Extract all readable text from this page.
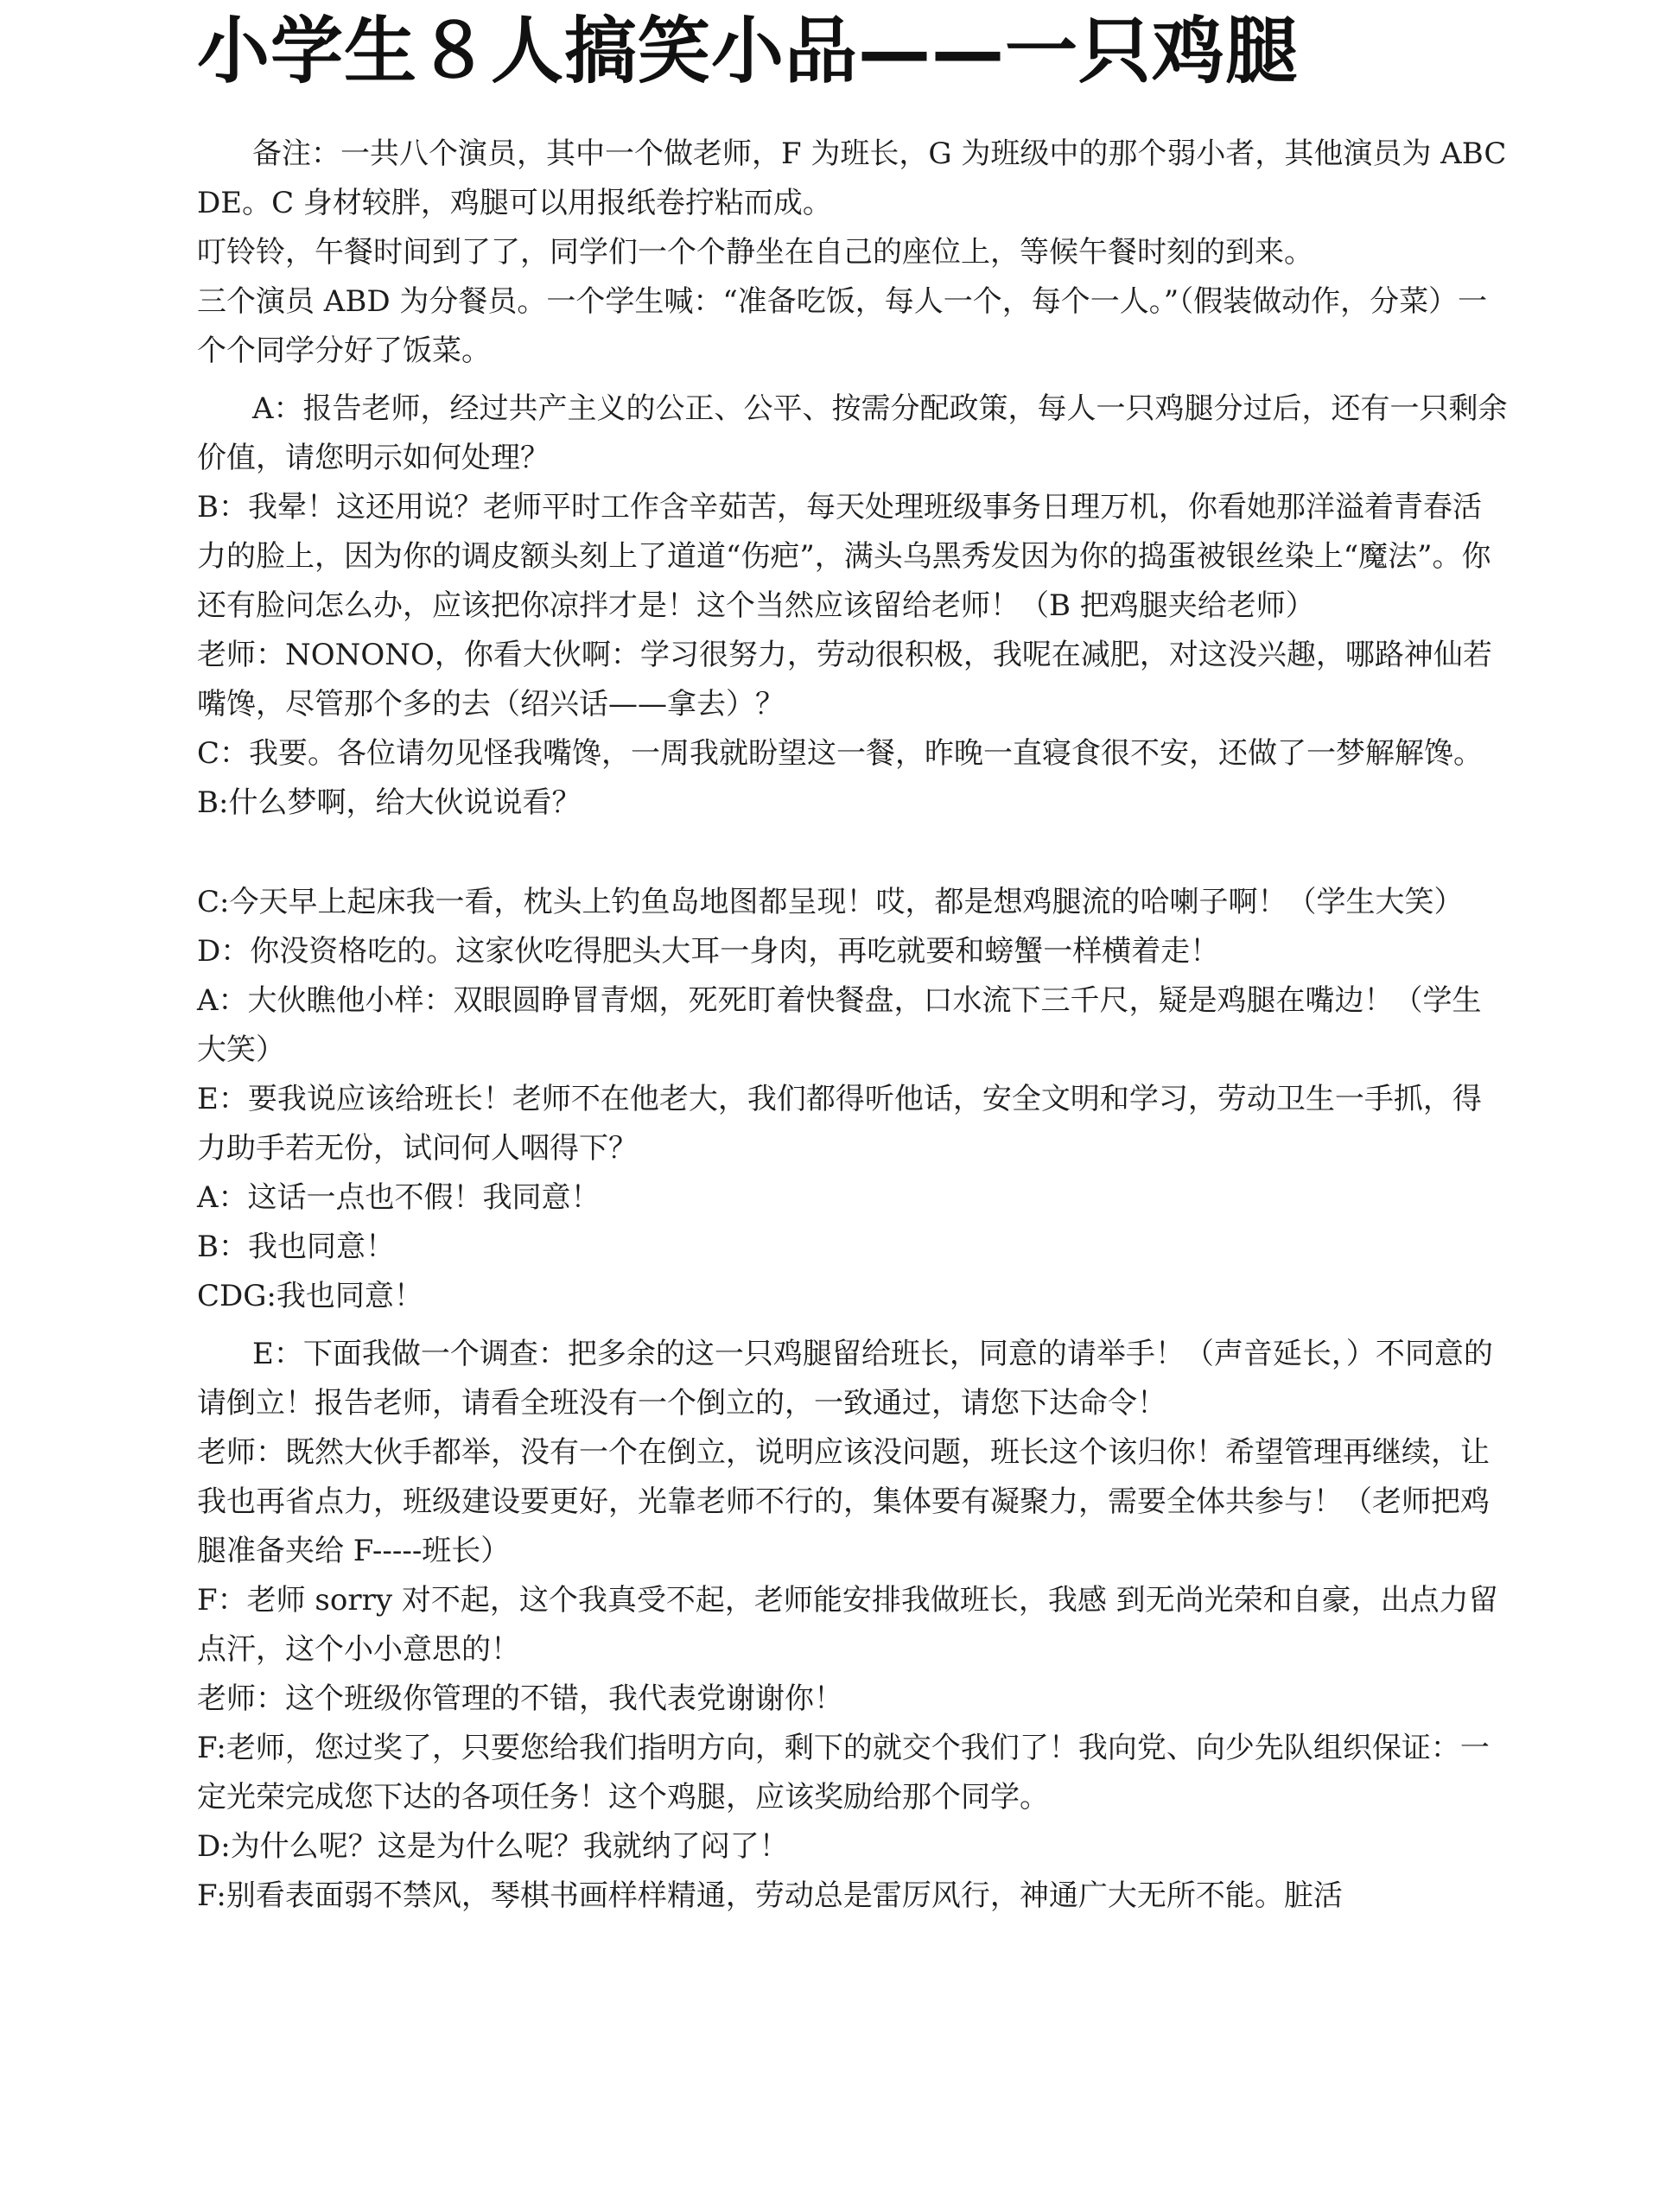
小学生８人搞笑小品——一只鸡腿

备注：一共八个演员，其中一个做老师，F 为班长，G 为班级中的那个弱小者，其他演员为 ABCDE。C 身材较胖，鸡腿可以用报纸卷拧粘而成。

叮铃铃，午餐时间到了了，同学们一个个静坐在自己的座位上，等候午餐时刻的到来。

三个演员 ABD 为分餐员。一个学生喊：“准备吃饭，每人一个，每个一人。”（假装做动作，分菜）一个个同学分好了饭菜。

A：报告老师，经过共产主义的公正、公平、按需分配政策，每人一只鸡腿分过后，还有一只剩余价值，请您明示如何处理？

B：我晕！这还用说？老师平时工作含辛茹苦，每天处理班级事务日理万机，你看她那洋溢着青春活力的脸上，因为你的调皮额头刻上了道道“伤疤”，满头乌黑秀发因为你的捣蛋被银丝染上“魔法”。你还有脸问怎么办，应该把你凉拌才是！这个当然应该留给老师！（B 把鸡腿夹给老师）

老师：NONONO，你看大伙啊：学习很努力，劳动很积极，我呢在减肥，对这没兴趣，哪路神仙若嘴馋，尽管那个多的去（绍兴话——拿去）？

C：我要。各位请勿见怪我嘴馋，一周我就盼望这一餐，昨晚一直寝食很不安，还做了一梦解解馋。

B:什么梦啊，给大伙说说看？

C:今天早上起床我一看，枕头上钓鱼岛地图都呈现！哎，都是想鸡腿流的哈喇子啊！（学生大笑）

D：你没资格吃的。这家伙吃得肥头大耳一身肉，再吃就要和螃蟹一样横着走！

A：大伙瞧他小样：双眼圆睁冒青烟，死死盯着快餐盘，口水流下三千尺，疑是鸡腿在嘴边！（学生大笑）

E：要我说应该给班长！老师不在他老大，我们都得听他话，安全文明和学习，劳动卫生一手抓，得力助手若无份，试问何人咽得下？

A：这话一点也不假！我同意！

B：我也同意！

CDG:我也同意！

E：下面我做一个调查：把多余的这一只鸡腿留给班长，同意的请举手！（声音延长，）不同意的请倒立！报告老师，请看全班没有一个倒立的，一致通过，请您下达命令！

老师：既然大伙手都举，没有一个在倒立，说明应该没问题，班长这个该归你！希望管理再继续，让我也再省点力，班级建设要更好，光靠老师不行的，集体要有凝聚力，需要全体共参与！（老师把鸡腿准备夹给 F-----班长）

F：老师 sorry 对不起，这个我真受不起，老师能安排我做班长，我感 到无尚光荣和自豪，出点力留点汗，这个小小意思的！

老师：这个班级你管理的不错，我代表党谢谢你！

F:老师，您过奖了，只要您给我们指明方向，剩下的就交个我们了！我向党、向少先队组织保证：一定光荣完成您下达的各项任务！这个鸡腿，应该奖励给那个同学。

D:为什么呢？这是为什么呢？我就纳了闷了！

F:别看表面弱不禁风，琴棋书画样样精通，劳动总是雷厉风行，神通广大无所不能。脏活
